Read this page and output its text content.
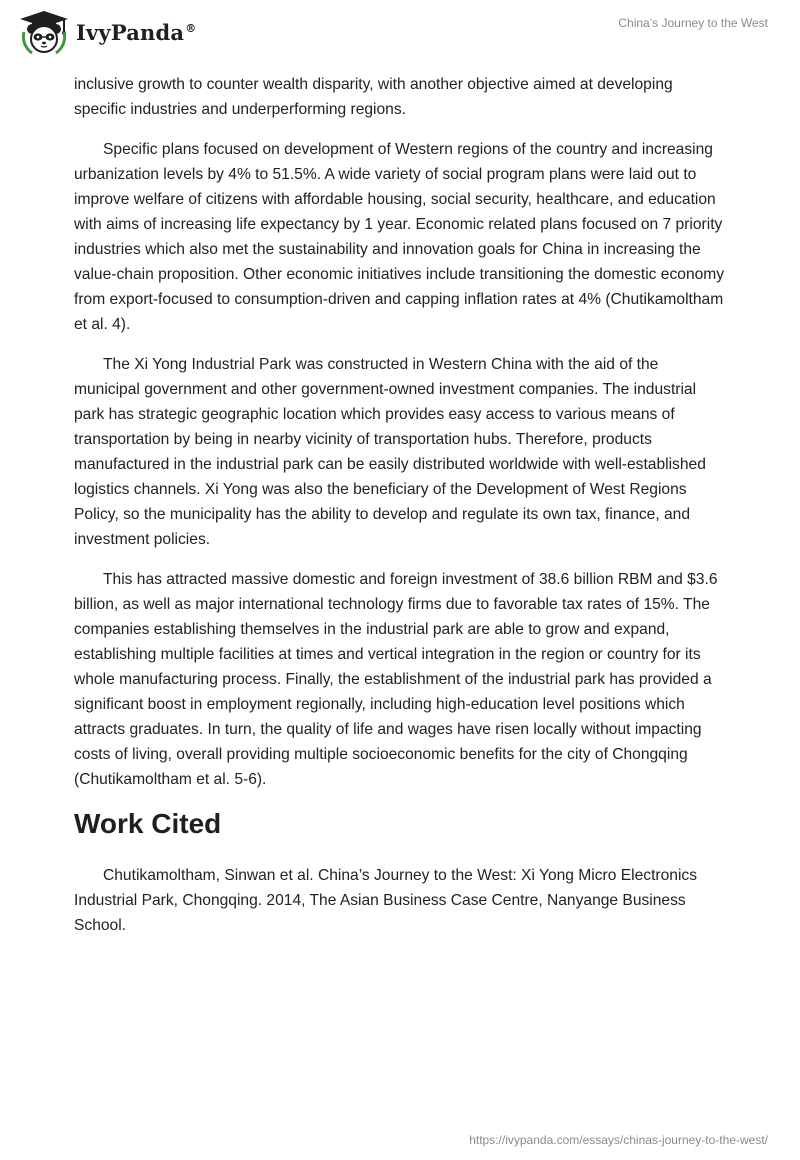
IvyPanda®	China’s Journey to the West

inclusive growth to counter wealth disparity, with another objective aimed at developing specific industries and underperforming regions.

Specific plans focused on development of Western regions of the country and increasing urbanization levels by 4% to 51.5%. A wide variety of social program plans were laid out to improve welfare of citizens with affordable housing, social security, healthcare, and education with aims of increasing life expectancy by 1 year. Economic related plans focused on 7 priority industries which also met the sustainability and innovation goals for China in increasing the value-chain proposition. Other economic initiatives include transitioning the domestic economy from export-focused to consumption-driven and capping inflation rates at 4% (Chutikamoltham et al. 4).

The Xi Yong Industrial Park was constructed in Western China with the aid of the municipal government and other government-owned investment companies. The industrial park has strategic geographic location which provides easy access to various means of transportation by being in nearby vicinity of transportation hubs. Therefore, products manufactured in the industrial park can be easily distributed worldwide with well-established logistics channels. Xi Yong was also the beneficiary of the Development of West Regions Policy, so the municipality has the ability to develop and regulate its own tax, finance, and investment policies.

This has attracted massive domestic and foreign investment of 38.6 billion RBM and $3.6 billion, as well as major international technology firms due to favorable tax rates of 15%. The companies establishing themselves in the industrial park are able to grow and expand, establishing multiple facilities at times and vertical integration in the region or country for its whole manufacturing process. Finally, the establishment of the industrial park has provided a significant boost in employment regionally, including high-education level positions which attracts graduates. In turn, the quality of life and wages have risen locally without impacting costs of living, overall providing multiple socioeconomic benefits for the city of Chongqing (Chutikamoltham et al. 5-6).

Work Cited

Chutikamoltham, Sinwan et al. China’s Journey to the West: Xi Yong Micro Electronics Industrial Park, Chongqing. 2014, The Asian Business Case Centre, Nanyange Business School.

https://ivypanda.com/essays/chinas-journey-to-the-west/
